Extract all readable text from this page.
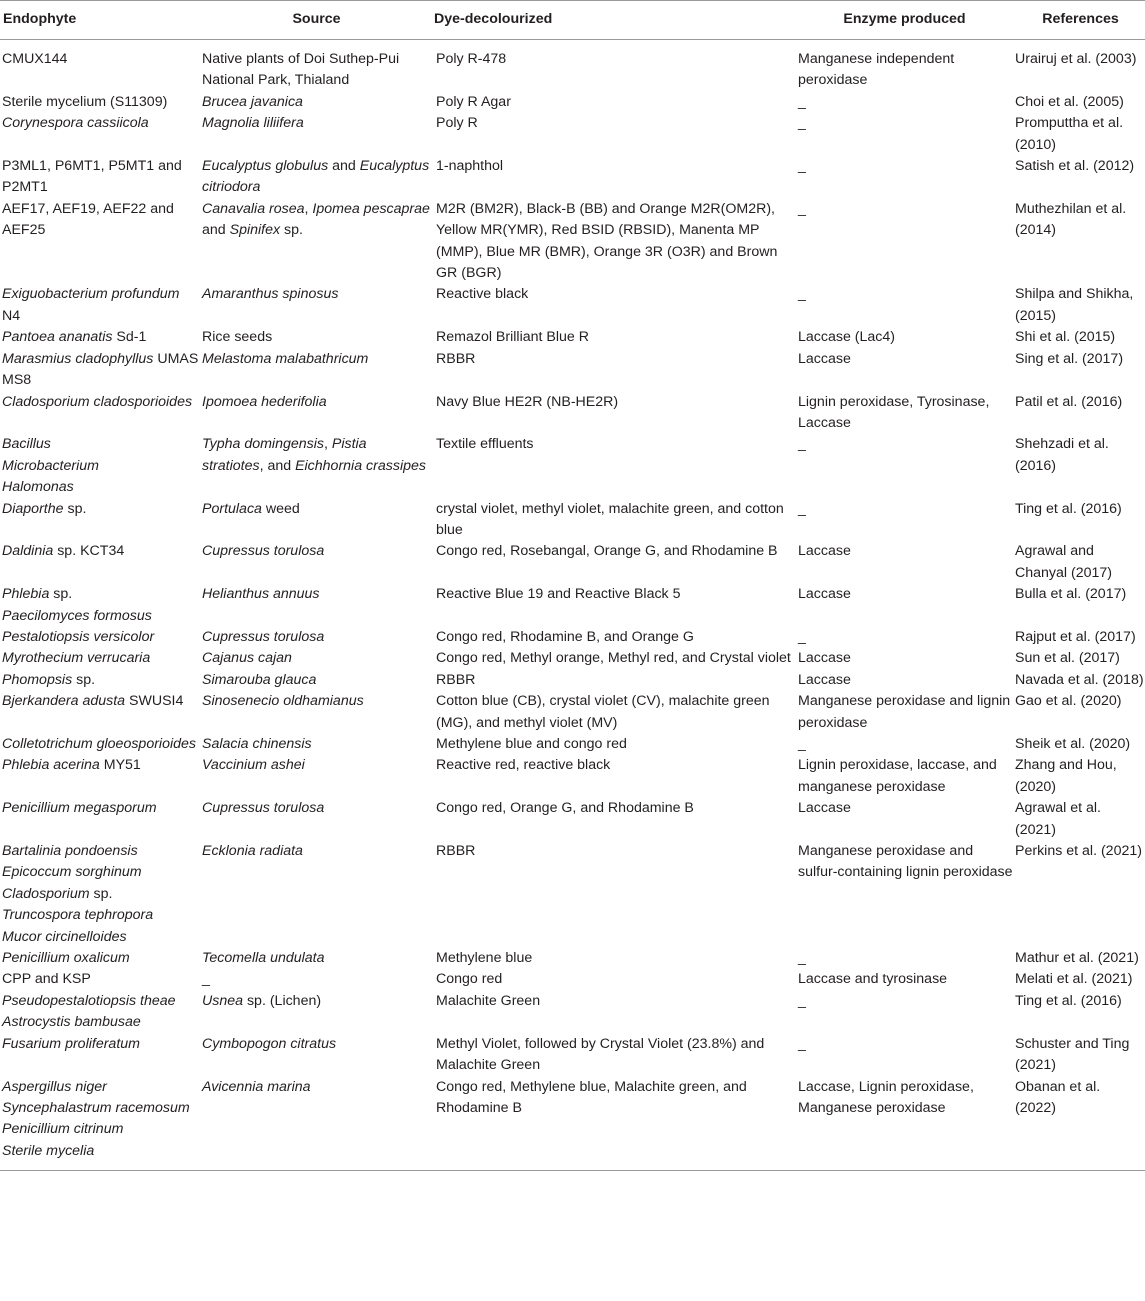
Endophyte	Source	Dye-decolourized	Enzyme produced	References

CMUX144	Native plants of Doi Suthep-Pui National Park, Thialand	Poly R-478	Manganese independent peroxidase	Urairuj et al. (2003)

Sterile mycelium (S11309)	Brucea javanica	Poly R Agar	_	Choi et al. (2005)

Corynespora cassiicola	Magnolia liliifera	Poly R	_	Promputtha et al. (2010)

P3ML1, P6MT1, P5MT1 and P2MT1	Eucalyptus globulus and Eucalyptus citriodora	1-naphthol	_	Satish et al. (2012)

AEF17, AEF19, AEF22 and AEF25	Canavalia rosea, Ipomea pescaprae and Spinifex sp.	M2R (BM2R), Black-B (BB) and Orange M2R(OM2R), Yellow MR(YMR), Red BSID (RBSID), Manenta MP (MMP), Blue MR (BMR), Orange 3R (O3R) and Brown GR (BGR)	_	Muthezhilan et al. (2014)

Exiguobacterium profundum N4	Amaranthus spinosus	Reactive black	_	Shilpa and Shikha, (2015)

Pantoea ananatis Sd-1	Rice seeds	Remazol Brilliant Blue R	Laccase (Lac4)	Shi et al. (2015)

Marasmius cladophyllus UMAS MS8	Melastoma malabathricum	RBBR	Laccase	Sing et al. (2017)

Cladosporium cladosporioides	Ipomoea hederifolia	Navy Blue HE2R (NB-HE2R)	Lignin peroxidase, Tyrosinase, Laccase	Patil et al. (2016)

Bacillus
Microbacterium
Halomonas	Typha domingensis, Pistia stratiotes, and Eichhornia crassipes	Textile effluents	_	Shehzadi et al. (2016)

Diaporthe sp.	Portulaca weed	crystal violet, methyl violet, malachite green, and cotton blue	_	Ting et al. (2016)

Daldinia sp. KCT34	Cupressus torulosa	Congo red, Rosebangal, Orange G, and Rhodamine B	Laccase	Agrawal and Chanyal (2017)

Phlebia sp.
Paecilomyces formosus	Helianthus annuus	Reactive Blue 19 and Reactive Black 5	Laccase	Bulla et al. (2017)

Pestalotiopsis versicolor	Cupressus torulosa	Congo red, Rhodamine B, and Orange G	_	Rajput et al. (2017)

Myrothecium verrucaria	Cajanus cajan	Congo red, Methyl orange, Methyl red, and Crystal violet	Laccase	Sun et al. (2017)

Phomopsis sp.	Simarouba glauca	RBBR	Laccase	Navada et al. (2018)

Bjerkandera adusta SWUSI4	Sinosenecio oldhamianus	Cotton blue (CB), crystal violet (CV), malachite green (MG), and methyl violet (MV)	Manganese peroxidase and lignin peroxidase	Gao et al. (2020)

Colletotrichum gloeosporioides	Salacia chinensis	Methylene blue and congo red	_	Sheik et al. (2020)

Phlebia acerina MY51	Vaccinium ashei	Reactive red, reactive black	Lignin peroxidase, laccase, and manganese peroxidase	Zhang and Hou, (2020)

Penicillium megasporum	Cupressus torulosa	Congo red, Orange G, and Rhodamine B	Laccase	Agrawal et al. (2021)

Bartalinia pondoensis
Epicoccum sorghinum
Cladosporium sp.
Truncospora tephropora
Mucor circinelloides	Ecklonia radiata	RBBR	Manganese peroxidase and sulfur-containing lignin peroxidase	Perkins et al. (2021)

Penicillium oxalicum	Tecomella undulata	Methylene blue	_	Mathur et al. (2021)

CPP and KSP	_	Congo red	Laccase and tyrosinase	Melati et al. (2021)

Pseudopestalotiopsis theae
Astrocystis bambusae	Usnea sp. (Lichen)	Malachite Green	_	Ting et al. (2016)

Fusarium proliferatum	Cymbopogon citratus	Methyl Violet, followed by Crystal Violet (23.8%) and Malachite Green	_	Schuster and Ting (2021)

Aspergillus niger
Syncephalastrum racemosum
Penicillium citrinum
Sterile mycelia	Avicennia marina	Congo red, Methylene blue, Malachite green, and Rhodamine B	Laccase, Lignin peroxidase, Manganese peroxidase	Obanan et al. (2022)
